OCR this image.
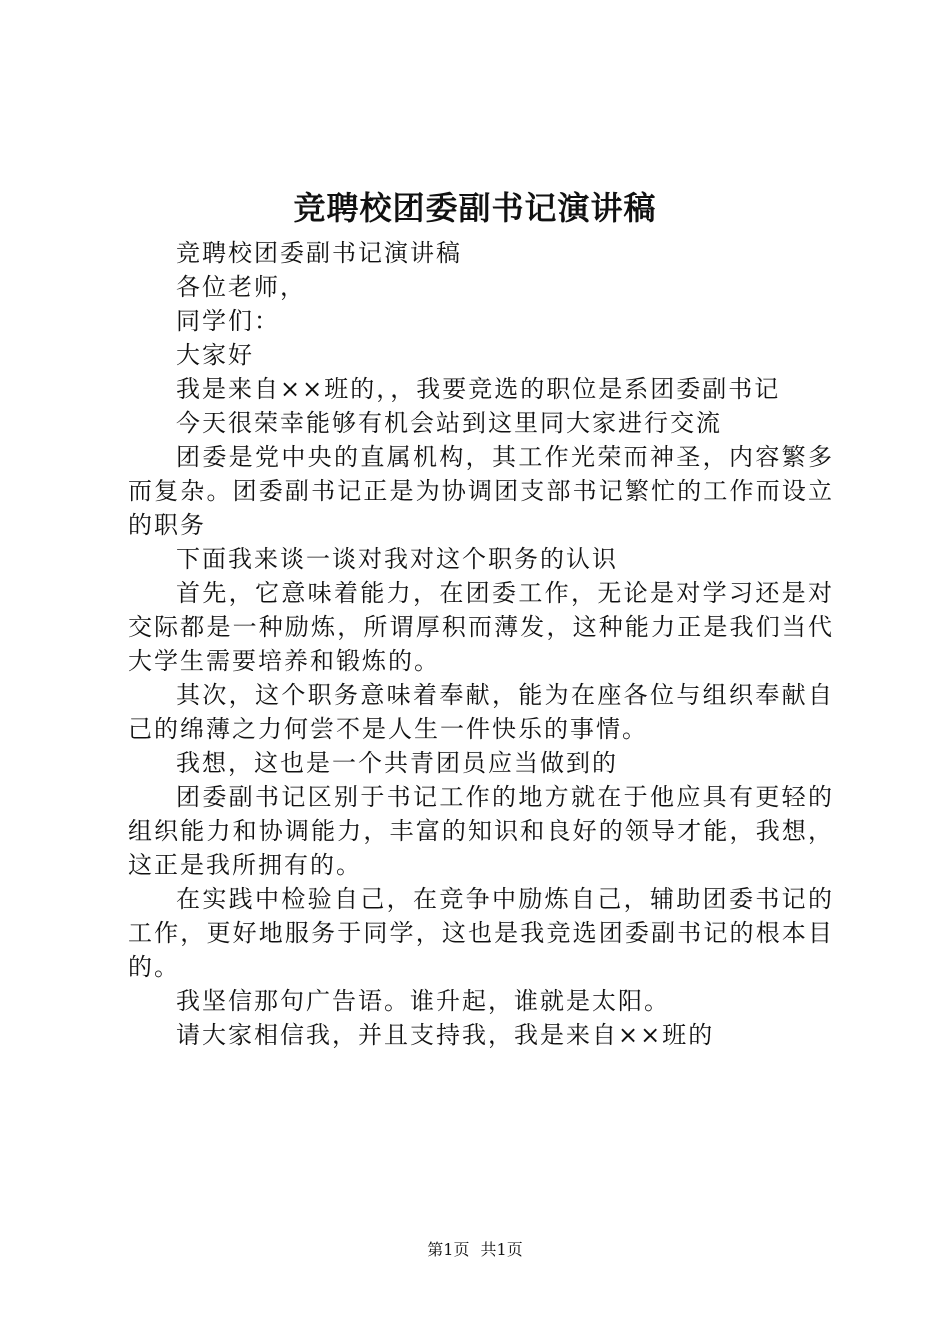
竞聘校团委副书记演讲稿

竞聘校团委副书记演讲稿

各位老师，

同学们：

大家好

我是来自××班的，，我要竞选的职位是系团委副书记

今天很荣幸能够有机会站到这里同大家进行交流

团委是党中央的直属机构，其工作光荣而神圣，内容繁多而复杂。团委副书记正是为协调团支部书记繁忙的工作而设立的职务

下面我来谈一谈对我对这个职务的认识

首先，它意味着能力，在团委工作，无论是对学习还是对交际都是一种励炼，所谓厚积而薄发，这种能力正是我们当代大学生需要培养和锻炼的。

其次，这个职务意味着奉献，能为在座各位与组织奉献自己的绵薄之力何尝不是人生一件快乐的事情。

我想，这也是一个共青团员应当做到的

团委副书记区别于书记工作的地方就在于他应具有更轻的组织能力和协调能力，丰富的知识和良好的领导才能，我想，这正是我所拥有的。

在实践中检验自己，在竞争中励炼自己，辅助团委书记的工作，更好地服务于同学，这也是我竞选团委副书记的根本目的。

我坚信那句广告语。谁升起，谁就是太阳。

请大家相信我，并且支持我，我是来自××班的

第1页 共1页
